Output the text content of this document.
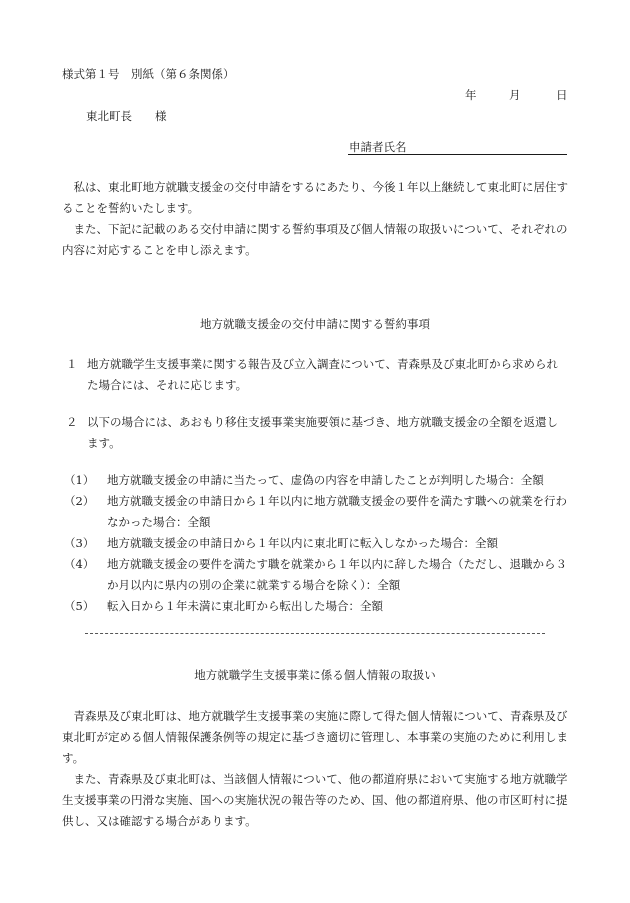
様式第１号　別紙（第６条関係）
年	月	日
東北町長　　様
申請者氏名

私は、東北町地方就職支援金の交付申請をするにあたり、今後１年以上継続して東北町に居住することを誓約いたします。

また、下記に記載のある交付申請に関する誓約事項及び個人情報の取扱いについて、それぞれの内容に対応することを申し添えます。

地方就職支援金の交付申請に関する誓約事項
１ 地方就職学生支援事業に関する報告及び立入調査について、青森県及び東北町から求められた場合には、それに応じます。
２ 以下の場合には、あおもり移住支援事業実施要領に基づき、地方就職支援金の全額を返還します。
（1）	地方就職支援金の申請に当たって、虚偽の内容を申請したことが判明した場合：全額
（2）	地方就職支援金の申請日から１年以内に地方就職支援金の要件を満たす職への就業を行わなかった場合：全額
（3）	地方就職支援金の申請日から１年以内に東北町に転入しなかった場合：全額
（4）	地方就職支援金の要件を満たす職を就業から１年以内に辞した場合（ただし、退職から３か月以内に県内の別の企業に就業する場合を除く）：全額
（5）	転入日から１年未満に東北町から転出した場合：全額
地方就職学生支援事業に係る個人情報の取扱い

青森県及び東北町は、地方就職学生支援事業の実施に際して得た個人情報について、青森県及び東北町が定める個人情報保護条例等の規定に基づき適切に管理し、本事業の実施のために利用します。

また、青森県及び東北町は、当該個人情報について、他の都道府県において実施する地方就職学生支援事業の円滑な実施、国への実施状況の報告等のため、国、他の都道府県、他の市区町村に提供し、又は確認する場合があります。
